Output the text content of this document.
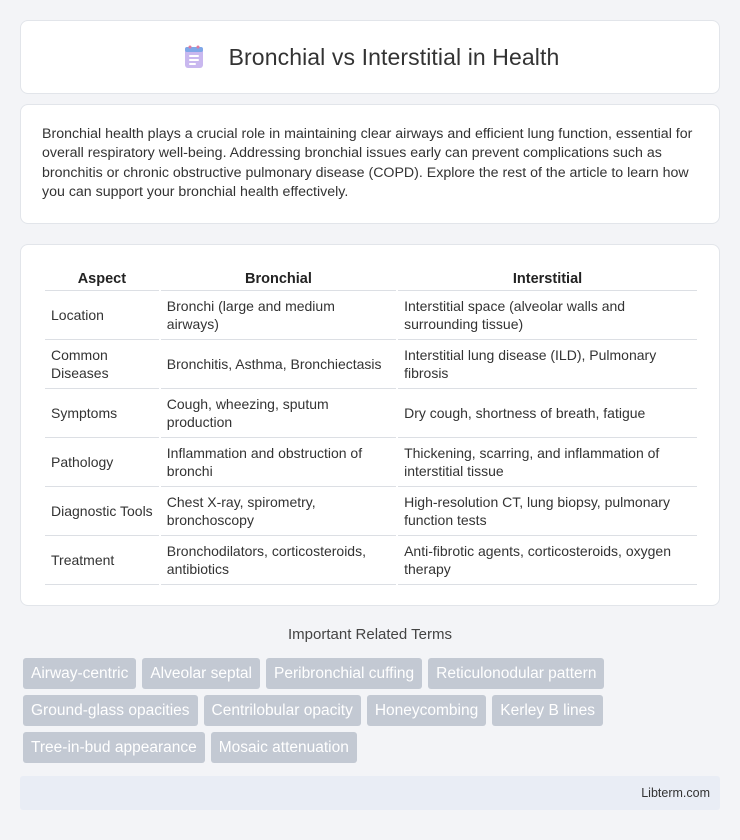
Bronchial vs Interstitial in Health

Bronchial health plays a crucial role in maintaining clear airways and efficient lung function, essential for overall respiratory well-being. Addressing bronchial issues early can prevent complications such as bronchitis or chronic obstructive pulmonary disease (COPD). Explore the rest of the article to learn how you can support your bronchial health effectively.

Aspect	Bronchial	Interstitial
Location	Bronchi (large and medium airways)	Interstitial space (alveolar walls and surrounding tissue)
Common Diseases	Bronchitis, Asthma, Bronchiectasis	Interstitial lung disease (ILD), Pulmonary fibrosis
Symptoms	Cough, wheezing, sputum production	Dry cough, shortness of breath, fatigue
Pathology	Inflammation and obstruction of bronchi	Thickening, scarring, and inflammation of interstitial tissue
Diagnostic Tools	Chest X-ray, spirometry, bronchoscopy	High-resolution CT, lung biopsy, pulmonary function tests
Treatment	Bronchodilators, corticosteroids, antibiotics	Anti-fibrotic agents, corticosteroids, oxygen therapy
Important Related Terms
Airway-centric	Alveolar septal	Peribronchial cuffing	Reticulonodular pattern
Ground-glass opacities	Centrilobular opacity	Honeycombing	Kerley B lines
Tree-in-bud appearance	Mosaic attenuation
Libterm.com
